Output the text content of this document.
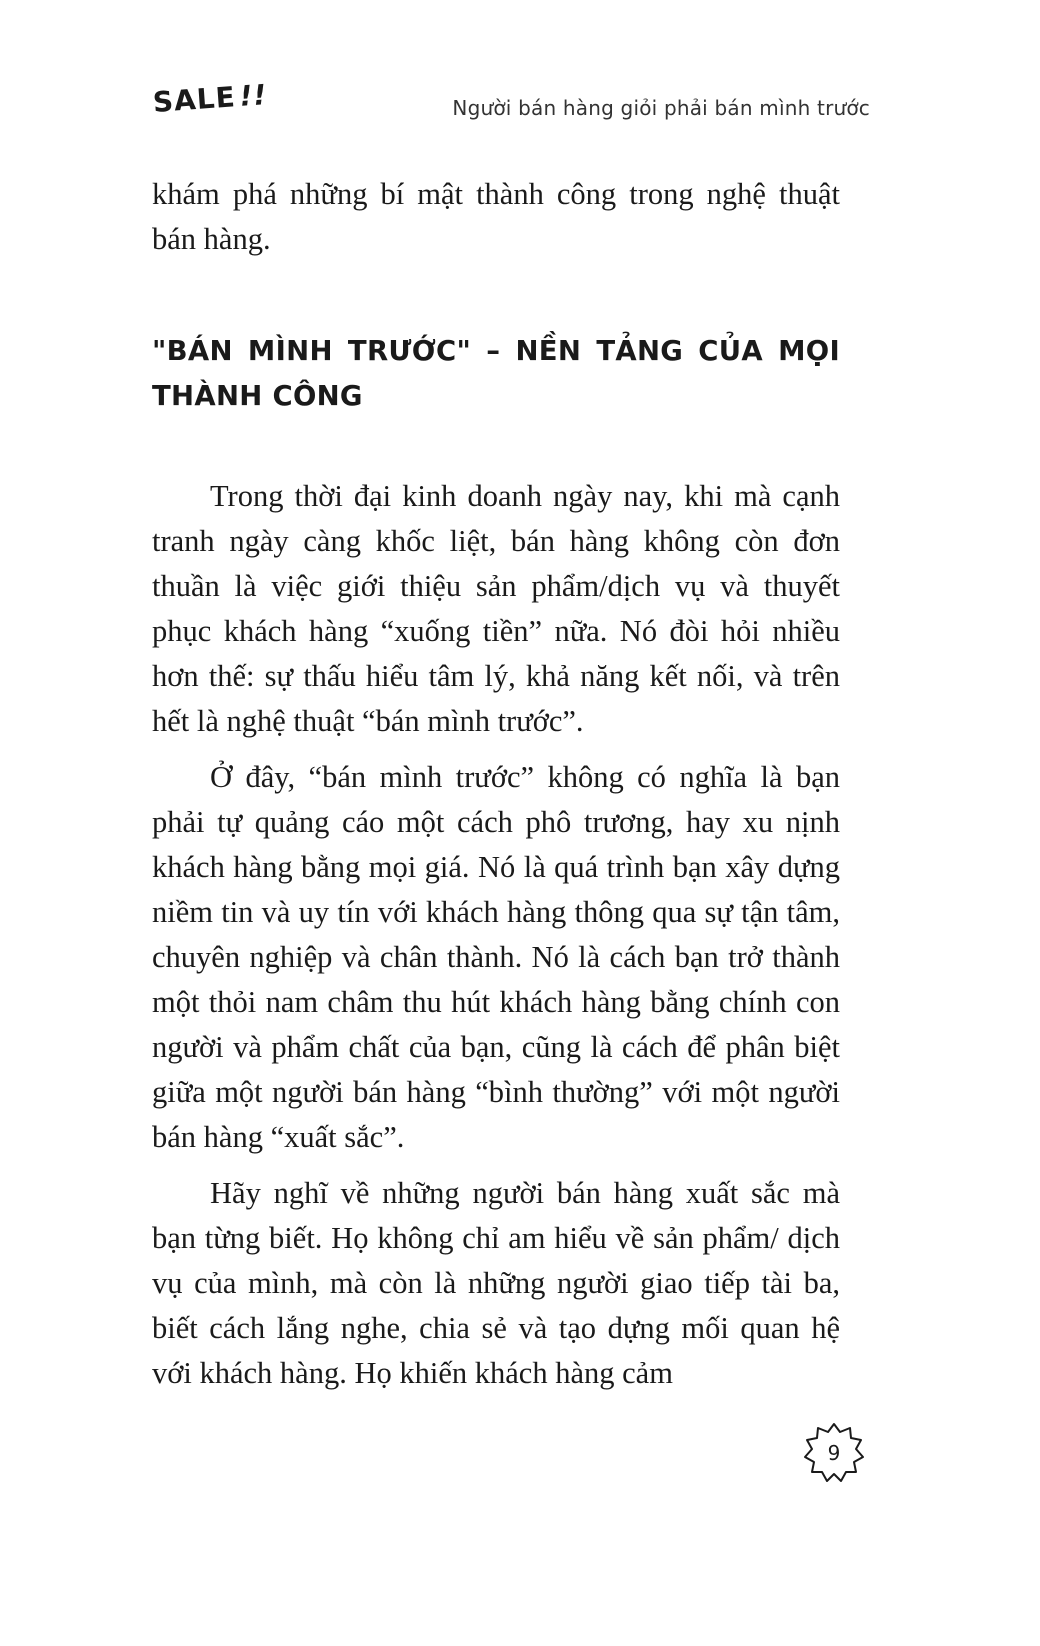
SALE!!	Người bán hàng giỏi phải bán mình trước

khám phá những bí mật thành công trong nghệ thuật bán hàng.

"BÁN MÌNH TRƯỚC" – NỀN TẢNG CỦA MỌI THÀNH CÔNG

Trong thời đại kinh doanh ngày nay, khi mà cạnh tranh ngày càng khốc liệt, bán hàng không còn đơn thuần là việc giới thiệu sản phẩm/dịch vụ và thuyết phục khách hàng “xuống tiền” nữa. Nó đòi hỏi nhiều hơn thế: sự thấu hiểu tâm lý, khả năng kết nối, và trên hết là nghệ thuật “bán mình trước”.

Ở đây, “bán mình trước” không có nghĩa là bạn phải tự quảng cáo một cách phô trương, hay xu nịnh khách hàng bằng mọi giá. Nó là quá trình bạn xây dựng niềm tin và uy tín với khách hàng thông qua sự tận tâm, chuyên nghiệp và chân thành. Nó là cách bạn trở thành một thỏi nam châm thu hút khách hàng bằng chính con người và phẩm chất của bạn, cũng là cách để phân biệt giữa một người bán hàng “bình thường” với một người bán hàng “xuất sắc”.

Hãy nghĩ về những người bán hàng xuất sắc mà bạn từng biết. Họ không chỉ am hiểu về sản phẩm/ dịch vụ của mình, mà còn là những người giao tiếp tài ba, biết cách lắng nghe, chia sẻ và tạo dựng mối quan hệ với khách hàng. Họ khiến khách hàng cảm

9
